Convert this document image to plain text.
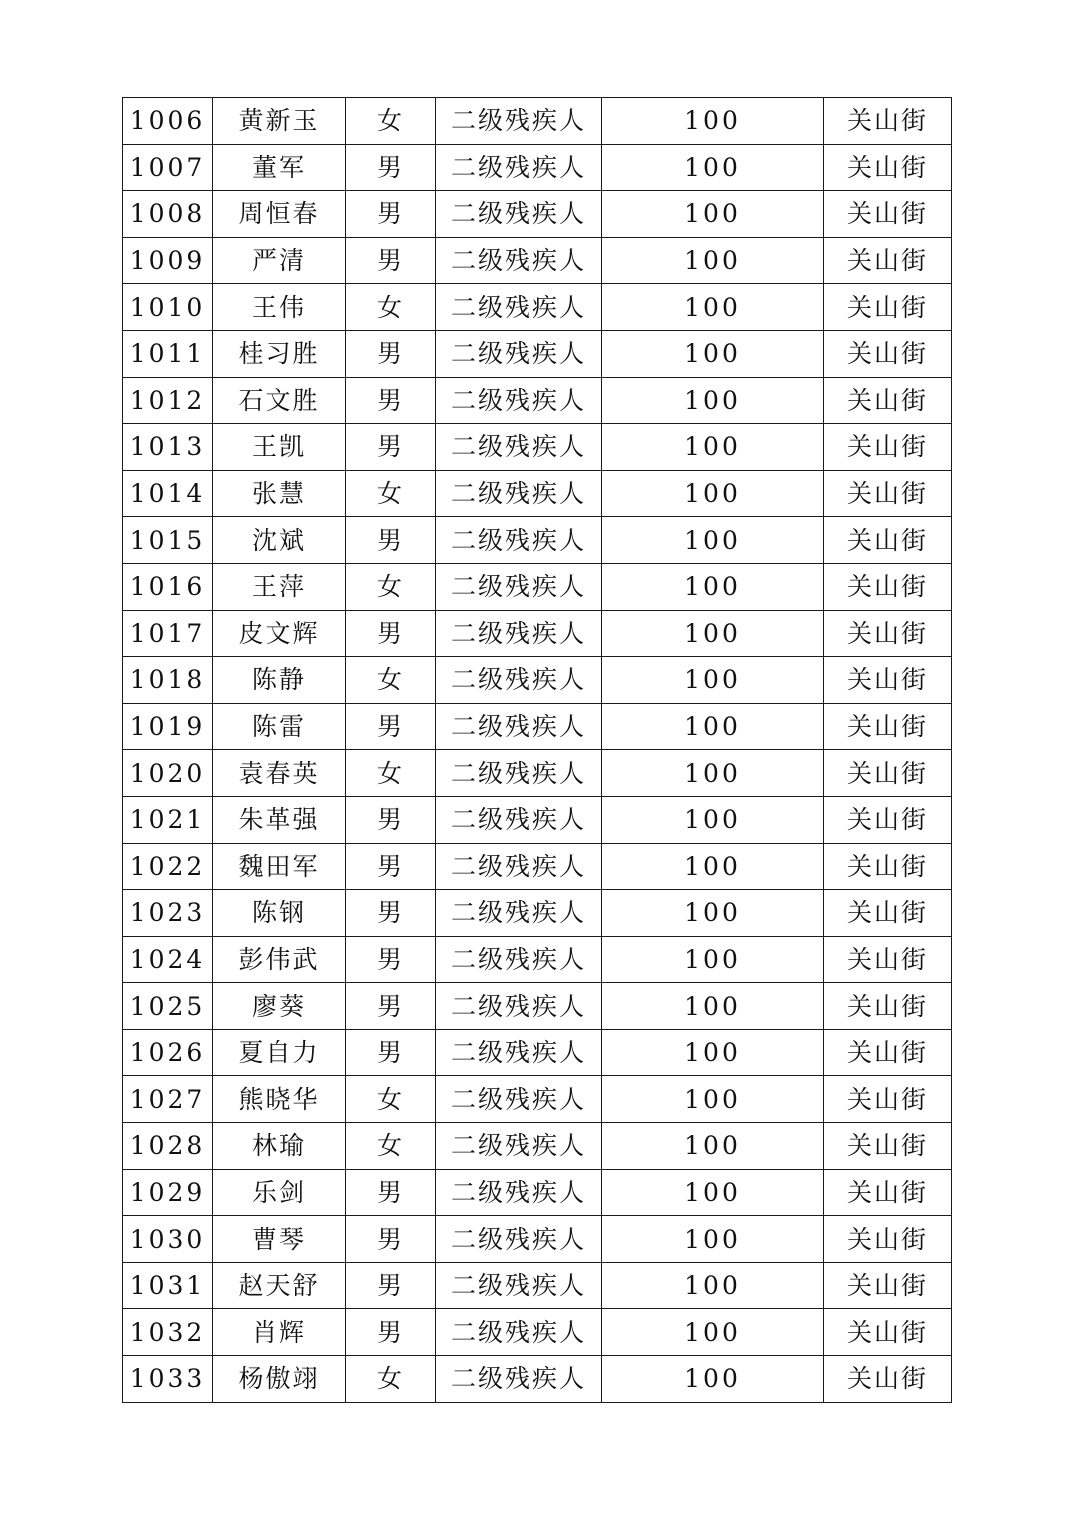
1006	黄新玉	女	二级残疾人	100	关山街
1007	董军	男	二级残疾人	100	关山街
1008	周恒春	男	二级残疾人	100	关山街
1009	严清	男	二级残疾人	100	关山街
1010	王伟	女	二级残疾人	100	关山街
1011	桂习胜	男	二级残疾人	100	关山街
1012	石文胜	男	二级残疾人	100	关山街
1013	王凯	男	二级残疾人	100	关山街
1014	张慧	女	二级残疾人	100	关山街
1015	沈斌	男	二级残疾人	100	关山街
1016	王萍	女	二级残疾人	100	关山街
1017	皮文辉	男	二级残疾人	100	关山街
1018	陈静	女	二级残疾人	100	关山街
1019	陈雷	男	二级残疾人	100	关山街
1020	袁春英	女	二级残疾人	100	关山街
1021	朱革强	男	二级残疾人	100	关山街
1022	魏田军	男	二级残疾人	100	关山街
1023	陈钢	男	二级残疾人	100	关山街
1024	彭伟武	男	二级残疾人	100	关山街
1025	廖葵	男	二级残疾人	100	关山街
1026	夏自力	男	二级残疾人	100	关山街
1027	熊晓华	女	二级残疾人	100	关山街
1028	林瑜	女	二级残疾人	100	关山街
1029	乐剑	男	二级残疾人	100	关山街
1030	曹琴	男	二级残疾人	100	关山街
1031	赵天舒	男	二级残疾人	100	关山街
1032	肖辉	男	二级残疾人	100	关山街
1033	杨傲翊	女	二级残疾人	100	关山街
